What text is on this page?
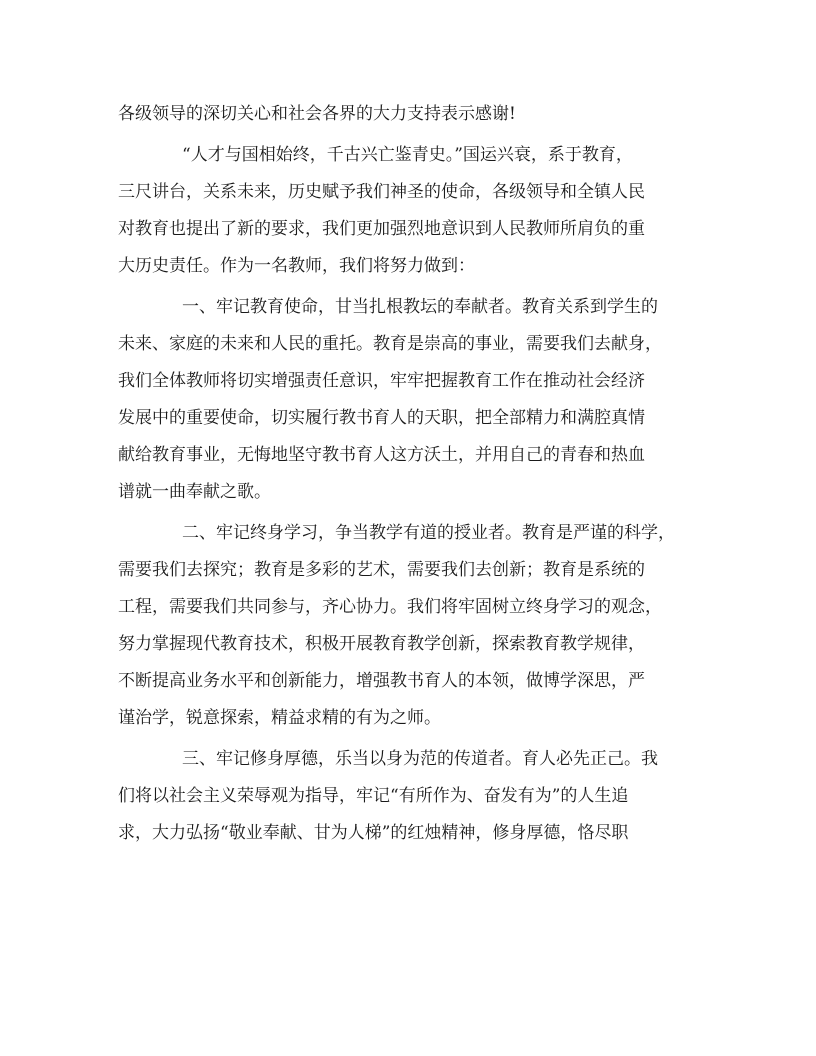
各级领导的深切关心和社会各界的大力支持表示感谢!
“人才与国相始终，千古兴亡鉴青史。”国运兴衰，系于教育，
三尺讲台，关系未来，历史赋予我们神圣的使命，各级领导和全镇人民
对教育也提出了新的要求，我们更加强烈地意识到人民教师所肩负的重
大历史责任。作为一名教师，我们将努力做到：
一、牢记教育使命，甘当扎根教坛的奉献者。教育关系到学生的
未来、家庭的未来和人民的重托。教育是崇高的事业，需要我们去献身，
我们全体教师将切实增强责任意识，牢牢把握教育工作在推动社会经济
发展中的重要使命，切实履行教书育人的天职，把全部精力和满腔真情
献给教育事业，无悔地坚守教书育人这方沃土，并用自己的青春和热血
谱就一曲奉献之歌。
二、牢记终身学习，争当教学有道的授业者。教育是严谨的科学，
需要我们去探究；教育是多彩的艺术，需要我们去创新；教育是系统的
工程，需要我们共同参与，齐心协力。我们将牢固树立终身学习的观念，
努力掌握现代教育技术，积极开展教育教学创新，探索教育教学规律，
不断提高业务水平和创新能力，增强教书育人的本领，做博学深思，严
谨治学，锐意探索，精益求精的有为之师。
三、牢记修身厚德，乐当以身为范的传道者。育人必先正己。我
们将以社会主义荣辱观为指导，牢记“有所作为、奋发有为”的人生追
求，大力弘扬“敬业奉献、甘为人梯”的红烛精神，修身厚德，恪尽职
